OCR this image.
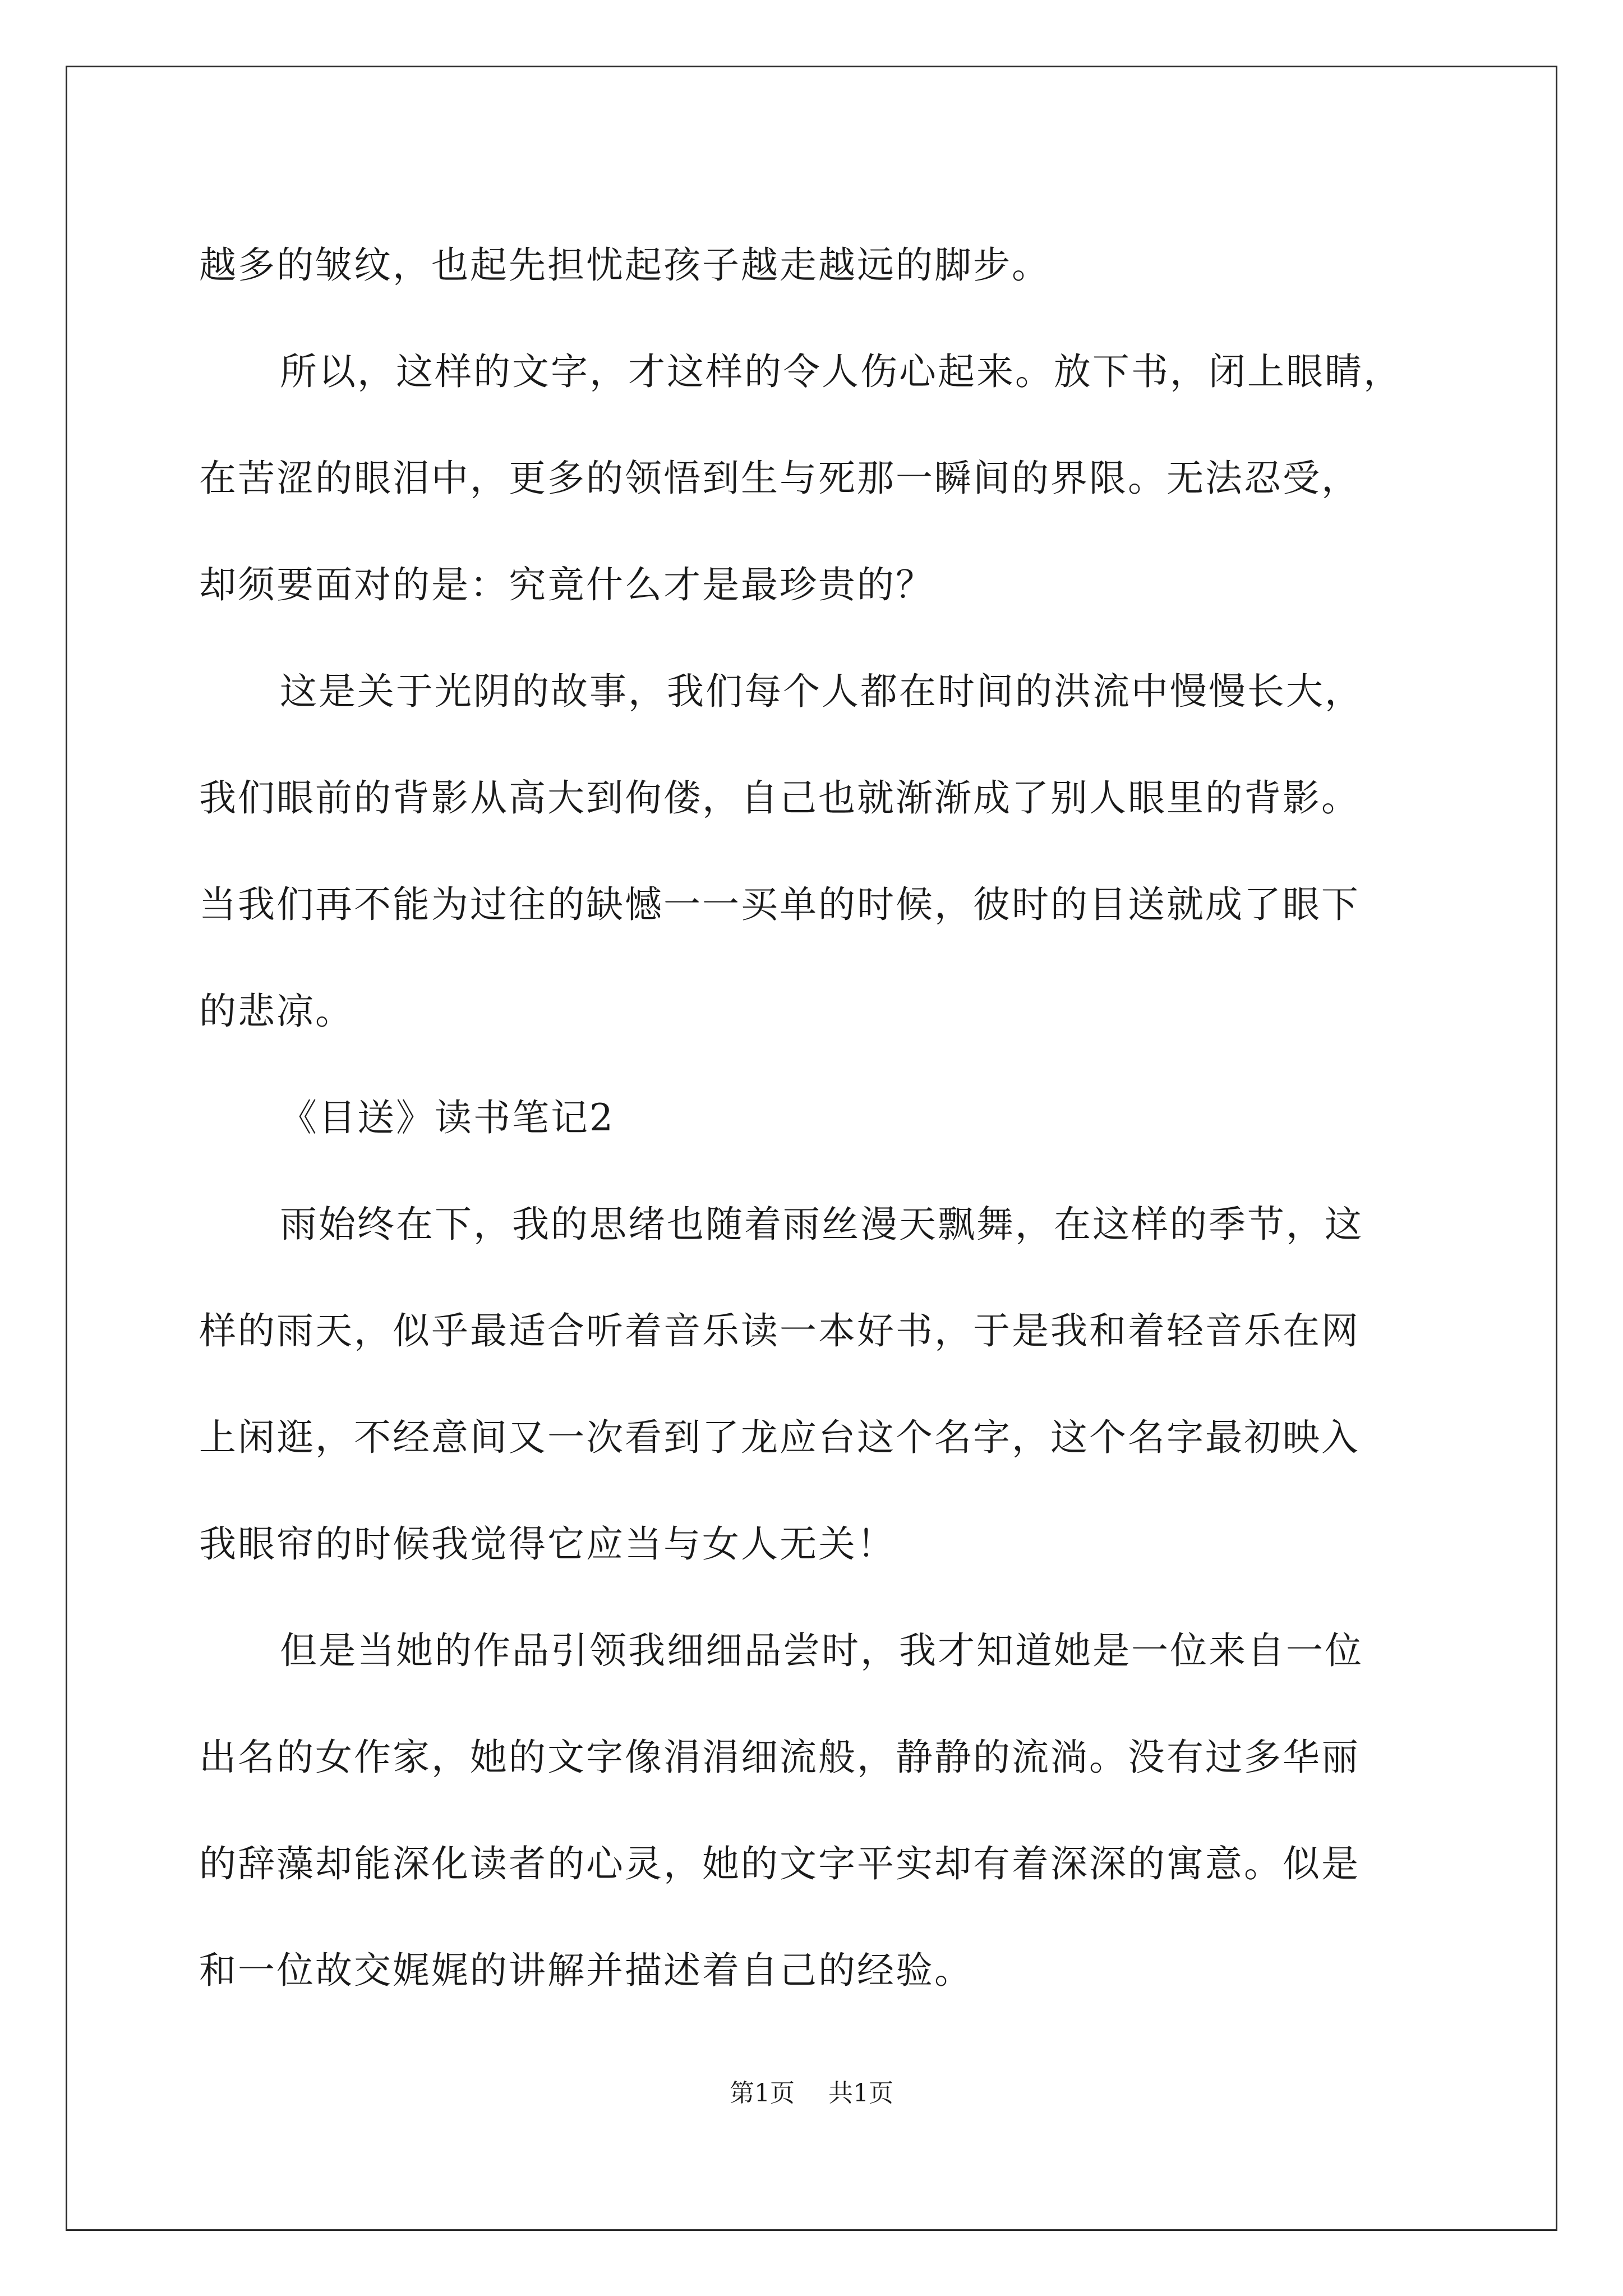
越多的皱纹，也起先担忧起孩子越走越远的脚步。
所以，这样的文字，才这样的令人伤心起来。放下书，闭上眼睛，
在苦涩的眼泪中，更多的领悟到生与死那一瞬间的界限。无法忍受，
却须要面对的是：究竟什么才是最珍贵的？
这是关于光阴的故事，我们每个人都在时间的洪流中慢慢长大，
我们眼前的背影从高大到佝偻，自己也就渐渐成了别人眼里的背影。
当我们再不能为过往的缺憾一一买单的时候，彼时的目送就成了眼下
的悲凉。
《目送》读书笔记2
雨始终在下，我的思绪也随着雨丝漫天飘舞，在这样的季节，这
样的雨天，似乎最适合听着音乐读一本好书，于是我和着轻音乐在网
上闲逛，不经意间又一次看到了龙应台这个名字，这个名字最初映入
我眼帘的时候我觉得它应当与女人无关！
但是当她的作品引领我细细品尝时，我才知道她是一位来自一位
出名的女作家，她的文字像涓涓细流般，静静的流淌。没有过多华丽
的辞藻却能深化读者的心灵，她的文字平实却有着深深的寓意。似是
和一位故交娓娓的讲解并描述着自己的经验。
第1页 共1页
